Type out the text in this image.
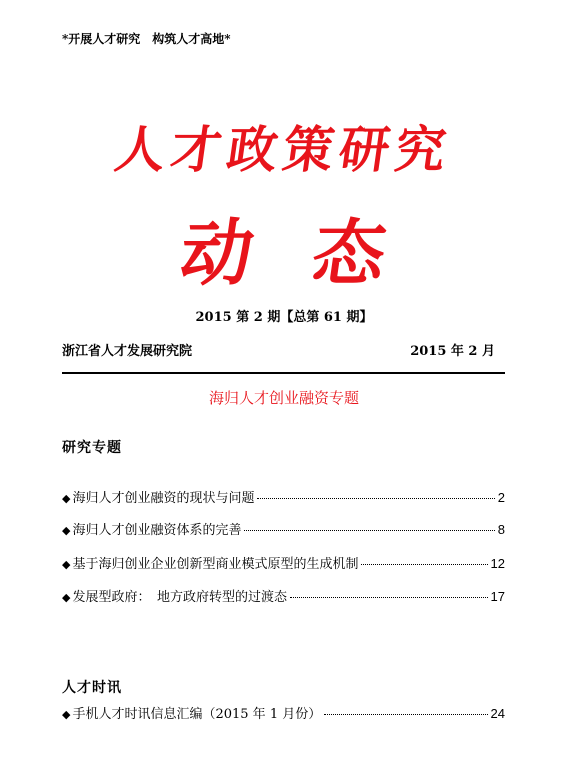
*开展人才研究　构筑人才高地*
人才政策研究
动态
2015 第 2 期【总第 61 期】
浙江省人才发展研究院	2015 年 2 月
海归人才创业融资专题
研究专题
◆ 海归人才创业融资的现状与问题	2
◆ 海归人才创业融资体系的完善	8
◆ 基于海归创业企业创新型商业模式原型的生成机制	12
◆ 发展型政府：　地方政府转型的过渡态	17
人才时讯
◆ 手机人才时讯信息汇编（2015 年 1 月份）	24
